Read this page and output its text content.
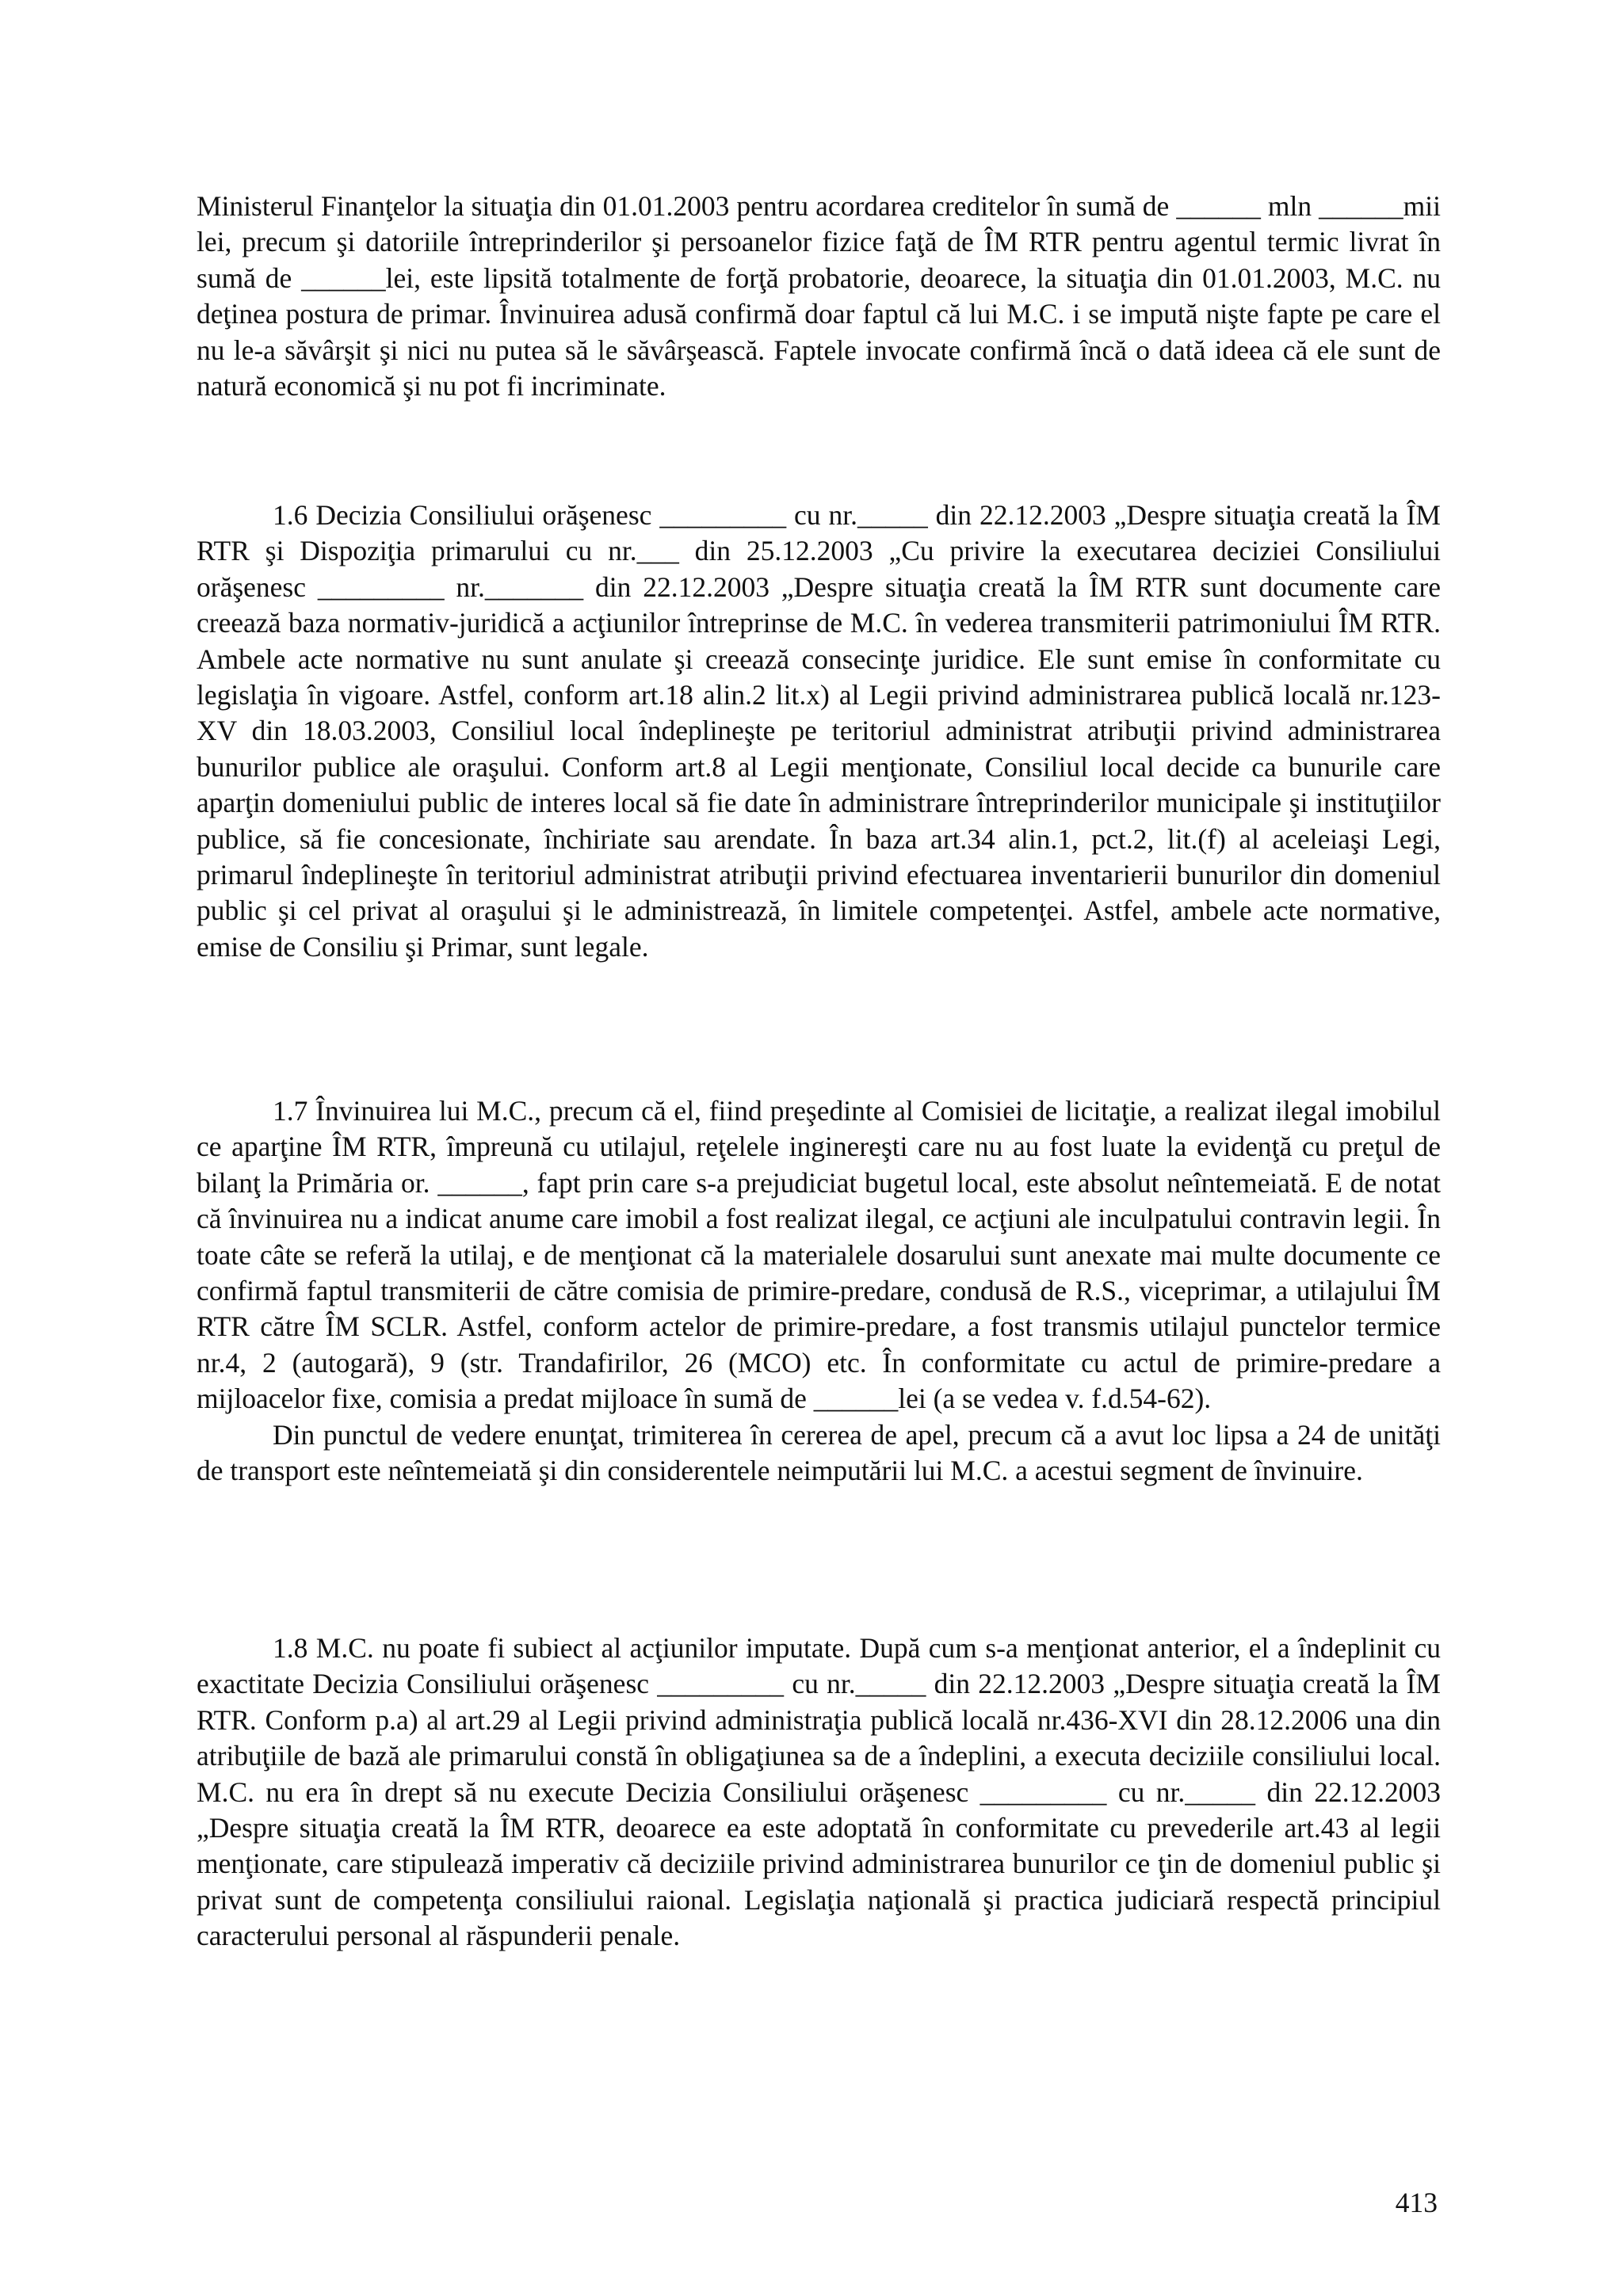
Ministerul Finanţelor la situaţia din 01.01.2003 pentru acordarea creditelor în sumă de ______ mln ______mii lei, precum şi datoriile întreprinderilor şi persoanelor fizice faţă de ÎM RTR pentru agentul termic livrat în sumă de ______lei, este lipsită totalmente de forţă probatorie, deoarece, la situaţia din 01.01.2003, M.C. nu deţinea postura de primar. Învinuirea adusă confirmă doar faptul că lui M.C. i se impută nişte fapte pe care el nu le-a săvârşit şi nici nu putea să le săvârşească. Faptele invocate confirmă încă o dată ideea că ele sunt de natură economică şi nu pot fi incriminate.

1.6 Decizia Consiliului orăşenesc _________ cu nr._____ din 22.12.2003 „Despre situaţia creată la ÎM RTR şi Dispoziţia primarului cu nr.___ din 25.12.2003 „Cu privire la executarea deciziei Consiliului orăşenesc _________ nr._______ din 22.12.2003 „Despre situaţia creată la ÎM RTR sunt documente care creează baza normativ-juridică a acţiunilor întreprinse de M.C. în vederea transmiterii patrimoniului ÎM RTR. Ambele acte normative nu sunt anulate şi creează consecinţe juridice. Ele sunt emise în conformitate cu legislaţia în vigoare. Astfel, conform art.18 alin.2 lit.x) al Legii privind administrarea publică locală nr.123-XV din 18.03.2003, Consiliul local îndeplineşte pe teritoriul administrat atribuţii privind administrarea bunurilor publice ale oraşului. Conform art.8 al Legii menţionate, Consiliul local decide ca bunurile care aparţin domeniului public de interes local să fie date în administrare întreprinderilor municipale şi instituţiilor publice, să fie concesionate, închiriate sau arendate. În baza art.34 alin.1, pct.2, lit.(f) al aceleiaşi Legi, primarul îndeplineşte în teritoriul administrat atribuţii privind efectuarea inventarierii bunurilor din domeniul public şi cel privat al oraşului şi le administrează, în limitele competenţei. Astfel, ambele acte normative, emise de Consiliu şi Primar, sunt legale.

1.7 Învinuirea lui M.C., precum că el, fiind preşedinte al Comisiei de licitaţie, a realizat ilegal imobilul ce aparţine ÎM RTR, împreună cu utilajul, reţelele inginereşti care nu au fost luate la evidenţă cu preţul de bilanţ la Primăria or. ______, fapt prin care s-a prejudiciat bugetul local, este absolut neîntemeiată. E de notat că învinuirea nu a indicat anume care imobil a fost realizat ilegal, ce acţiuni ale inculpatului contravin legii. În toate câte se referă la utilaj, e de menţionat că la materialele dosarului sunt anexate mai multe documente ce confirmă faptul transmiterii de către comisia de primire-predare, condusă de R.S., viceprimar, a utilajului ÎM RTR către ÎM SCLR. Astfel, conform actelor de primire-predare, a fost transmis utilajul punctelor termice nr.4, 2 (autogară), 9 (str. Trandafirilor, 26 (MCO) etc. În conformitate cu actul de primire-predare a mijloacelor fixe, comisia a predat mijloace în sumă de ______lei (a se vedea v. f.d.54-62).

Din punctul de vedere enunţat, trimiterea în cererea de apel, precum că a avut loc lipsa a 24 de unităţi de transport este neîntemeiată şi din considerentele neimputării lui M.C. a acestui segment de învinuire.

1.8 M.C. nu poate fi subiect al acţiunilor imputate. După cum s-a menţionat anterior, el a îndeplinit cu exactitate Decizia Consiliului orăşenesc _________ cu nr._____ din 22.12.2003 „Despre situaţia creată la ÎM RTR. Conform p.a) al art.29 al Legii privind administraţia publică locală nr.436-XVI din 28.12.2006 una din atribuţiile de bază ale primarului constă în obligaţiunea sa de a îndeplini, a executa deciziile consiliului local. M.C. nu era în drept să nu execute Decizia Consiliului orăşenesc _________ cu nr._____ din 22.12.2003 „Despre situaţia creată la ÎM RTR, deoarece ea este adoptată în conformitate cu prevederile art.43 al legii menţionate, care stipulează imperativ că deciziile privind administrarea bunurilor ce ţin de domeniul public şi privat sunt de competenţa consiliului raional. Legislaţia naţională şi practica judiciară respectă principiul caracterului personal al răspunderii penale.

413
